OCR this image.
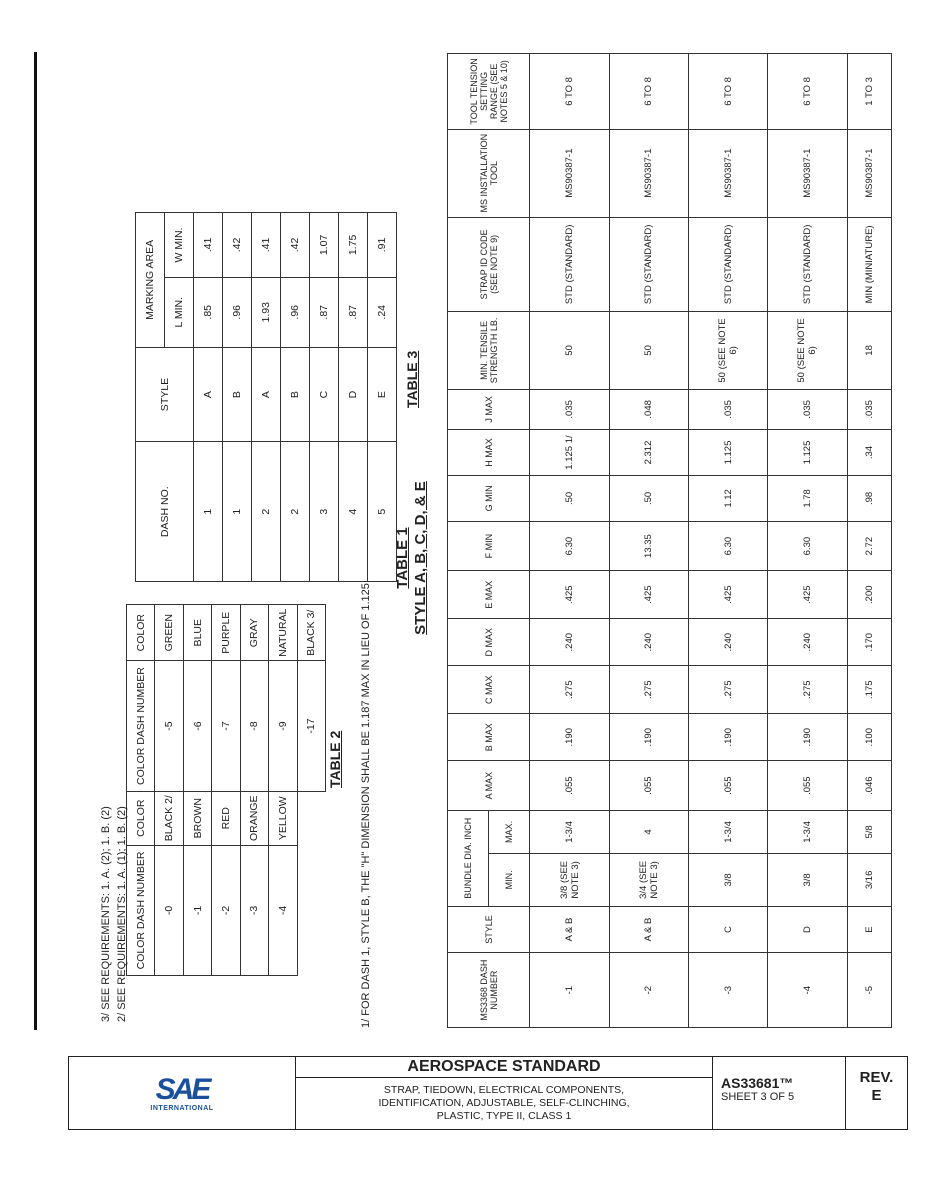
TABLE 1 STYLE A, B, C, D, & E
MS3368 DASH NUMBER	STYLE	BUNDLE DIA. INCH		A MAX	B MAX	C MAX	D MAX	E MAX	F MIN	G MIN	H MAX	J MAX	MIN. TENSILE STRENGTH LB.	STRAP ID CODE (SEE NOTE 9)	MS INSTALLATION TOOL	TOOL TENSION SETTING RANGE (SEE NOTES 5 & 10)
		MIN.	MAX.													
-1	A & B	3/8 (SEE NOTE 3)	1-3/4	.055	.190	.275	.240	.425	6.30	.50	1.125 1/	.035	50	STD (STANDARD)	MS90387-1	6 TO 8
-2	A & B	3/4 (SEE NOTE 3)	4	.055	.190	.275	.240	.425	13.35	.50	2.312	.048	50	STD (STANDARD)	MS90387-1	6 TO 8
-3	C	3/8	1-3/4	.055	.190	.275	.240	.425	6.30	1.12	1.125	.035	50 (SEE NOTE 6)	STD (STANDARD)	MS90387-1	6 TO 8
-4	D	3/8	1-3/4	.055	.190	.275	.240	.425	6.30	1.78	1.125	.035	50 (SEE NOTE 6)	STD (STANDARD)	MS90387-1	6 TO 8
-5	E	3/16	5/8	.046	.100	.175	.170	.200	2.72	.98	.34	.035	18	MIN (MINIATURE)	MS90387-1	1 TO 3
1/ FOR DASH 1, STYLE B, THE "H" DIMENSION SHALL BE 1.187 MAX IN LIEU OF 1.125.
TABLE 2
COLOR DASH NUMBER	COLOR	COLOR DASH NUMBER	COLOR
-0	BLACK 2/	-5	GREEN
-1	BROWN	-6	BLUE
-2	RED	-7	PURPLE
-3	ORANGE	-8	GRAY
-4	YELLOW	-9	NATURAL
		-17	BLACK 3/
2/ SEE REQUIREMENTS: 1. A. (1); 1. B. (2)
3/ SEE REQUIREMENTS: 1. A. (2); 1. B. (2)
TABLE 3
DASH NO.	STYLE	MARKING AREA	
		L MIN.	W MIN.
1	A	.85	.41
1	B	.96	.42
2	A	1.93	.41
2	B	.96	.42
3	C	.87	1.07
4	D	.87	1.75
5	E	.24	.91
SAE
INTERNATIONAL
AEROSPACE STANDARD
STRAP, TIEDOWN, ELECTRICAL COMPONENTS,
IDENTIFICATION, ADJUSTABLE, SELF-CLINCHING,
PLASTIC, TYPE II, CLASS 1
AS33681™
SHEET 3 OF 5
REV.
E
